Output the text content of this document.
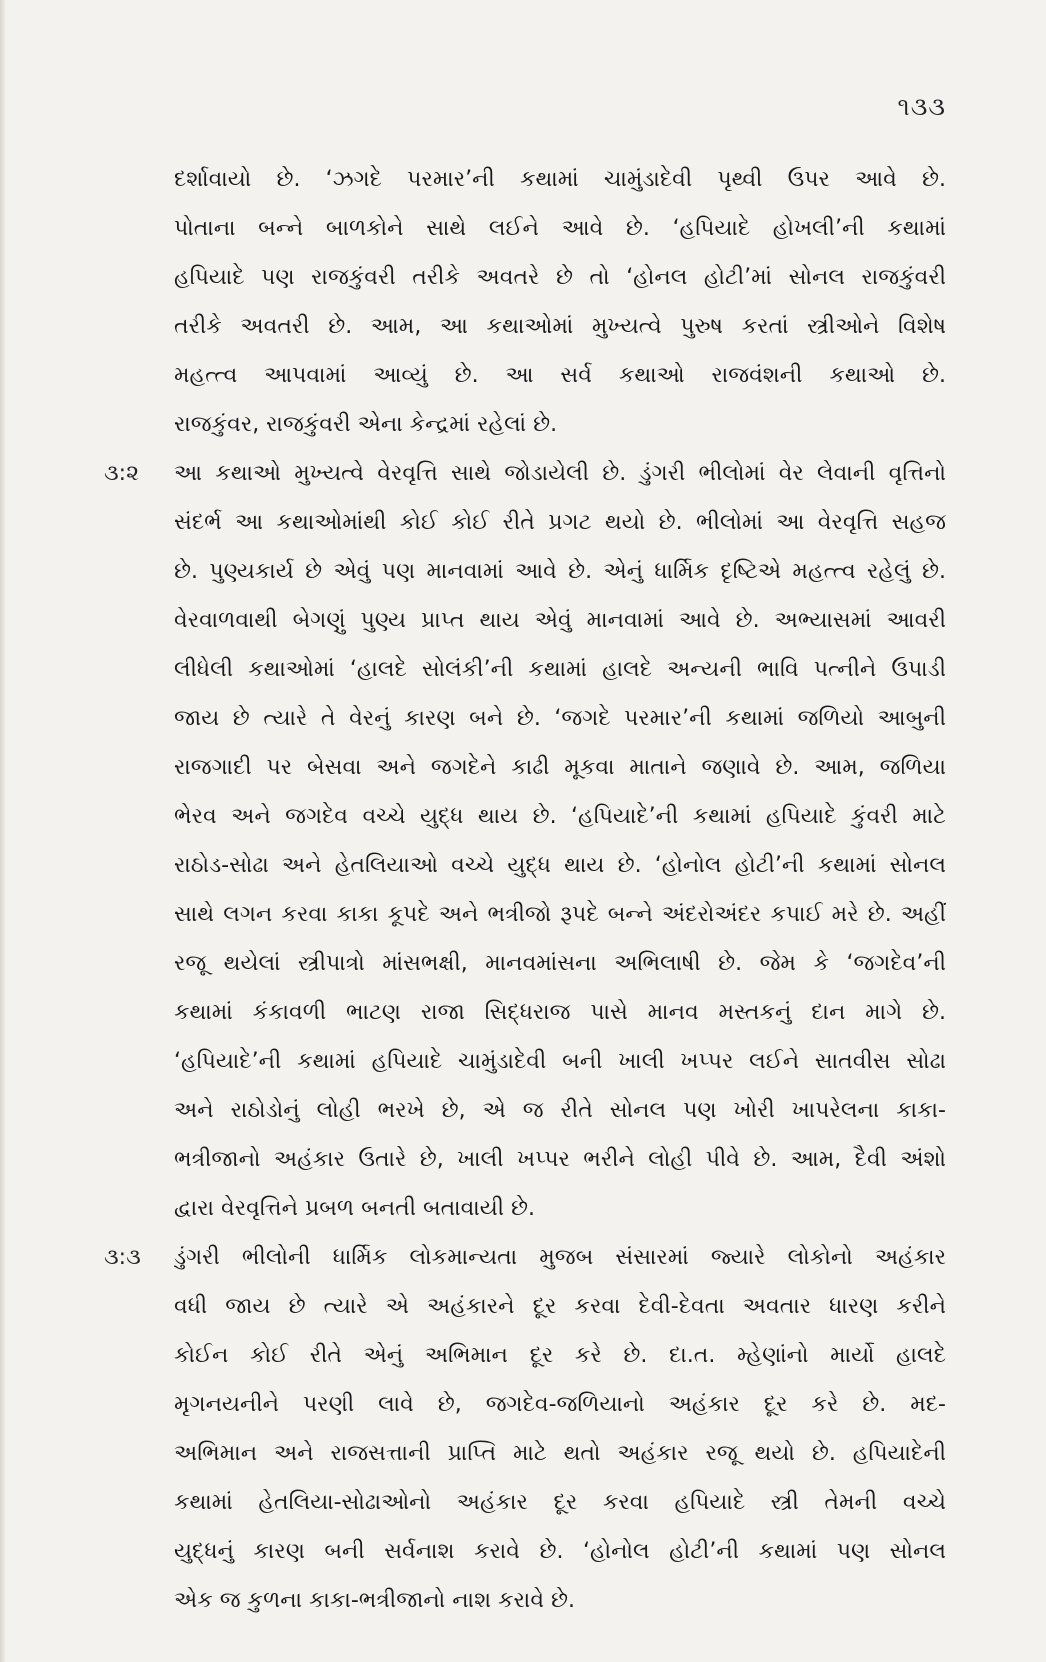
૧૩૩
દર્શાવાયો છે. ‘ઝગદે પરમાર’ની કથામાં ચામુંડાદેવી પૃથ્વી ઉપર આવે છે.
પોતાના બન્ને બાળકોને સાથે લઈને આવે છે. ‘હપિયાદે હોખલી’ની કથામાં
હપિયાદે પણ રાજકુંવરી તરીકે અવતરે છે તો ‘હોનલ હોટી’માં સોનલ રાજકુંવરી
તરીકે અવતરી છે. આમ, આ કથાઓમાં મુખ્યત્વે પુરુષ કરતાં સ્ત્રીઓને વિશેષ
મહત્ત્વ આપવામાં આવ્યું છે. આ સર્વ કથાઓ રાજવંશની કથાઓ છે.
રાજકુંવર, રાજકુંવરી એના કેન્દ્રમાં રહેલાં છે.
૩:૨	આ કથાઓ મુખ્યત્વે વેરવૃત્તિ સાથે જોડાયેલી છે. ડુંગરી ભીલોમાં વેર લેવાની વૃત્તિનો
સંદર્ભ આ કથાઓમાંથી કોઈ કોઈ રીતે પ્રગટ થયો છે. ભીલોમાં આ વેરવૃત્તિ સહજ
છે. પુણ્યકાર્ય છે એવું પણ માનવામાં આવે છે. એનું ધાર્મિક દૃષ્ટિએ મહત્ત્વ રહેલું છે.
વેરવાળવાથી બેગણું પુણ્ય પ્રાપ્ત થાય એવું માનવામાં આવે છે. અભ્યાસમાં આવરી
લીધેલી કથાઓમાં ‘હાલદે સોલંકી’ની કથામાં હાલદે અન્યની ભાવિ પત્નીને ઉપાડી
જાય છે ત્યારે તે વેરનું કારણ બને છે. ‘જગદે પરમાર’ની કથામાં જળિયો આબુની
રાજગાદી પર બેસવા અને જગદેને કાઢી મૂકવા માતાને જણાવે છે. આમ, જળિયા
ભેરવ અને જગદેવ વચ્ચે યુદ્ધ થાય છે. ‘હપિયાદે’ની કથામાં હપિયાદે કુંવરી માટે
રાઠોડ-સોઢા અને હેતલિયાઓ વચ્ચે યુદ્ધ થાય છે. ‘હોનોલ હોટી’ની કથામાં સોનલ
સાથે લગન કરવા કાકા કૂપદે અને ભત્રીજો રૂપદે બન્ને અંદરોઅંદર કપાઈ મરે છે. અહીં
રજૂ થયેલાં સ્ત્રીપાત્રો માંસભક્ષી, માનવમાંસના અભિલાષી છે. જેમ કે ‘જગદેવ’ની
કથામાં કંકાવળી ભાટણ રાજા સિદ્ધરાજ પાસે માનવ મસ્તકનું દાન માગે છે.
‘હપિયાદે’ની કથામાં હપિયાદે ચામુંડાદેવી બની ખાલી ખપ્પર લઈને સાતવીસ સોઢા
અને રાઠોડોનું લોહી ભરખે છે, એ જ રીતે સોનલ પણ ખોરી ખાપરેલના કાકા-
ભત્રીજાનો અહંકાર ઉતારે છે, ખાલી ખપ્પર ભરીને લોહી પીવે છે. આમ, દૈવી અંશો
દ્વારા વેરવૃત્તિને પ્રબળ બનતી બતાવાયી છે.
૩:૩	ડુંગરી ભીલોની ધાર્મિક લોકમાન્યતા મુજબ સંસારમાં જ્યારે લોકોનો અહંકાર
વધી જાય છે ત્યારે એ અહંકારને દૂર કરવા દેવી-દેવતા અવતાર ધારણ કરીને
કોઈન કોઈ રીતે એનું અભિમાન દૂર કરે છે. દા.ત. મ્હેણાંનો માર્યો હાલદે
મૃગનયનીને પરણી લાવે છે, જગદેવ-જળિયાનો અહંકાર દૂર કરે છે. મદ-
અભિમાન અને રાજસત્તાની પ્રાપ્તિ માટે થતો અહંકાર રજૂ થયો છે. હપિયાદેની
કથામાં હેતલિયા-સોઢાઓનો અહંકાર દૂર કરવા હપિયાદે સ્ત્રી તેમની વચ્ચે
યુદ્ધનું કારણ બની સર્વનાશ કરાવે છે. ‘હોનોલ હોટી’ની કથામાં પણ સોનલ
એક જ કુળના કાકા-ભત્રીજાનો નાશ કરાવે છે.
